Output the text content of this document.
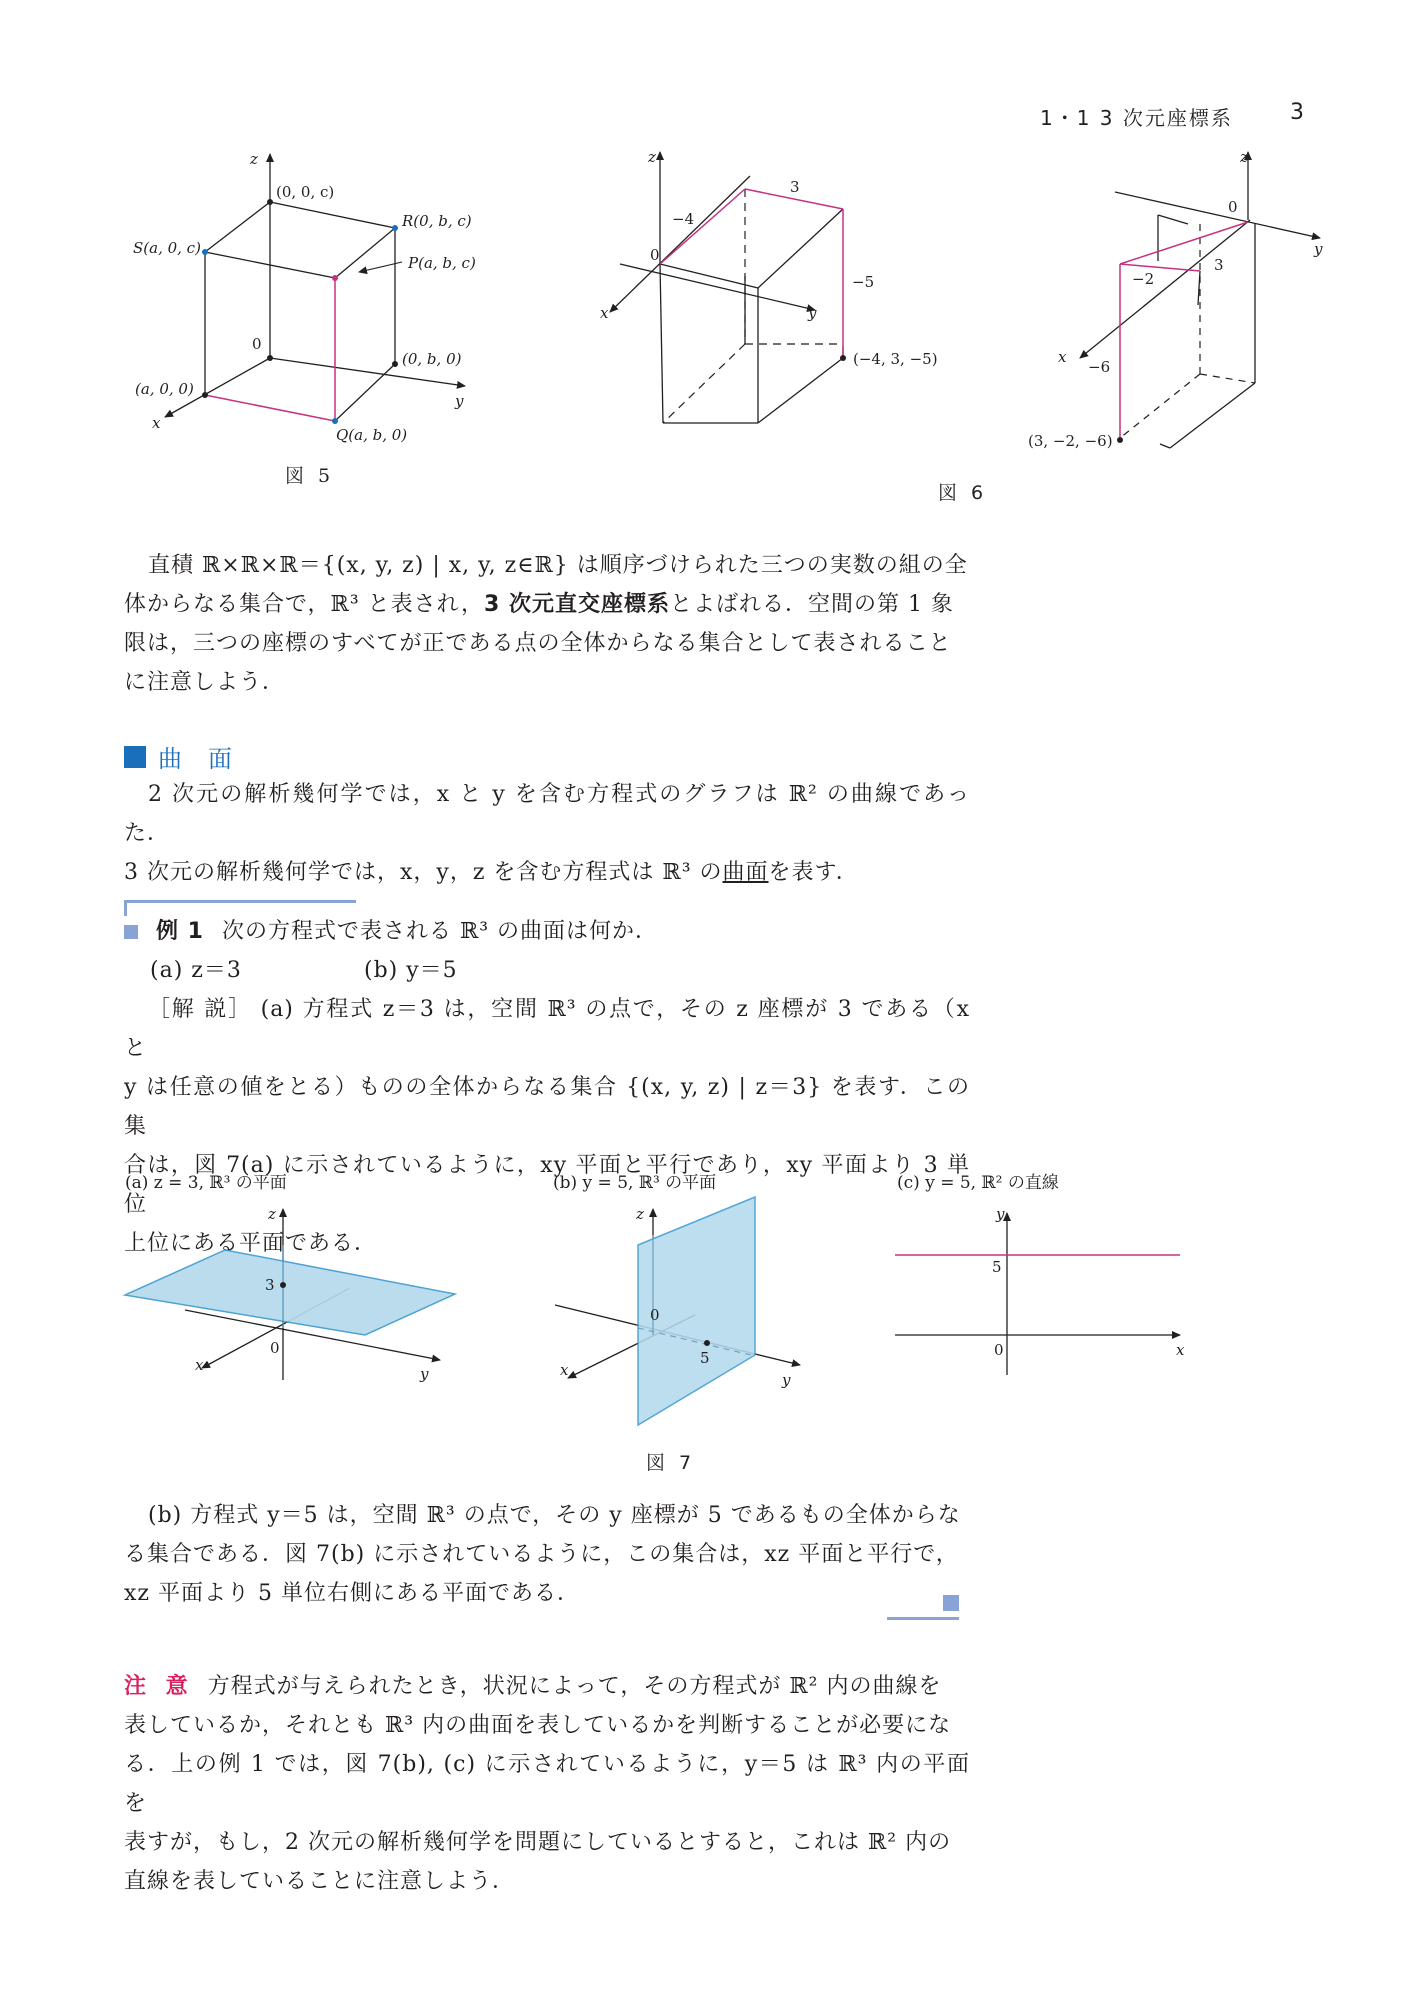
1・1 3 次元座標系	3
z
(0, 0, c)
R(0, b, c)
S(a, 0, c)
P(a, b, c)
0
(0, b, 0)
(a, 0, 0)
x
y
Q(a, b, 0)
図 5
z
0
−4
3
−5
x	y
(−4, 3, −5)
z
0
y
−2
3
x
−6
(3, −2, −6)
図 6

直積 ℝ×ℝ×ℝ＝{(x, y, z) | x, y, z∈ℝ} は順序づけられた三つの実数の組の全

体からなる集合で，ℝ³ と表され，3 次元直交座標系とよばれる．空間の第 1 象

限は，三つの座標のすべてが正である点の全体からなる集合として表されること

に注意しよう．

曲面

2 次元の解析幾何学では，x と y を含む方程式のグラフは ℝ² の曲線であった．

3 次元の解析幾何学では，x，y，z を含む方程式は ℝ³ の曲面を表す．

例 1 次の方程式で表される ℝ³ の曲面は何か．

(a) z＝3	(b) y＝5

［解 説］ (a) 方程式 z＝3 は，空間 ℝ³ の点で，その z 座標が 3 である（x と

y は任意の値をとる）ものの全体からなる集合 {(x, y, z) | z＝3} を表す．この集

合は，図 7(a) に示されているように，xy 平面と平行であり，xy 平面より 3 単位

上位にある平面である．

(a) z = 3, ℝ³ の平面	(b) y = 5, ℝ³ の平面	(c) y = 5, ℝ² の直線
z
3
0
x	y
z
0
5
x
y
y
5
0	x
図 7

(b) 方程式 y＝5 は，空間 ℝ³ の点で，その y 座標が 5 であるもの全体からな

る集合である．図 7(b) に示されているように，この集合は，xz 平面と平行で，

xz 平面より 5 単位右側にある平面である．

注 意 方程式が与えられたとき，状況によって，その方程式が ℝ² 内の曲線を

表しているか，それとも ℝ³ 内の曲面を表しているかを判断することが必要にな

る．上の例 1 では，図 7(b), (c) に示されているように，y＝5 は ℝ³ 内の平面を

表すが，もし，2 次元の解析幾何学を問題にしているとすると，これは ℝ² 内の

直線を表していることに注意しよう．
